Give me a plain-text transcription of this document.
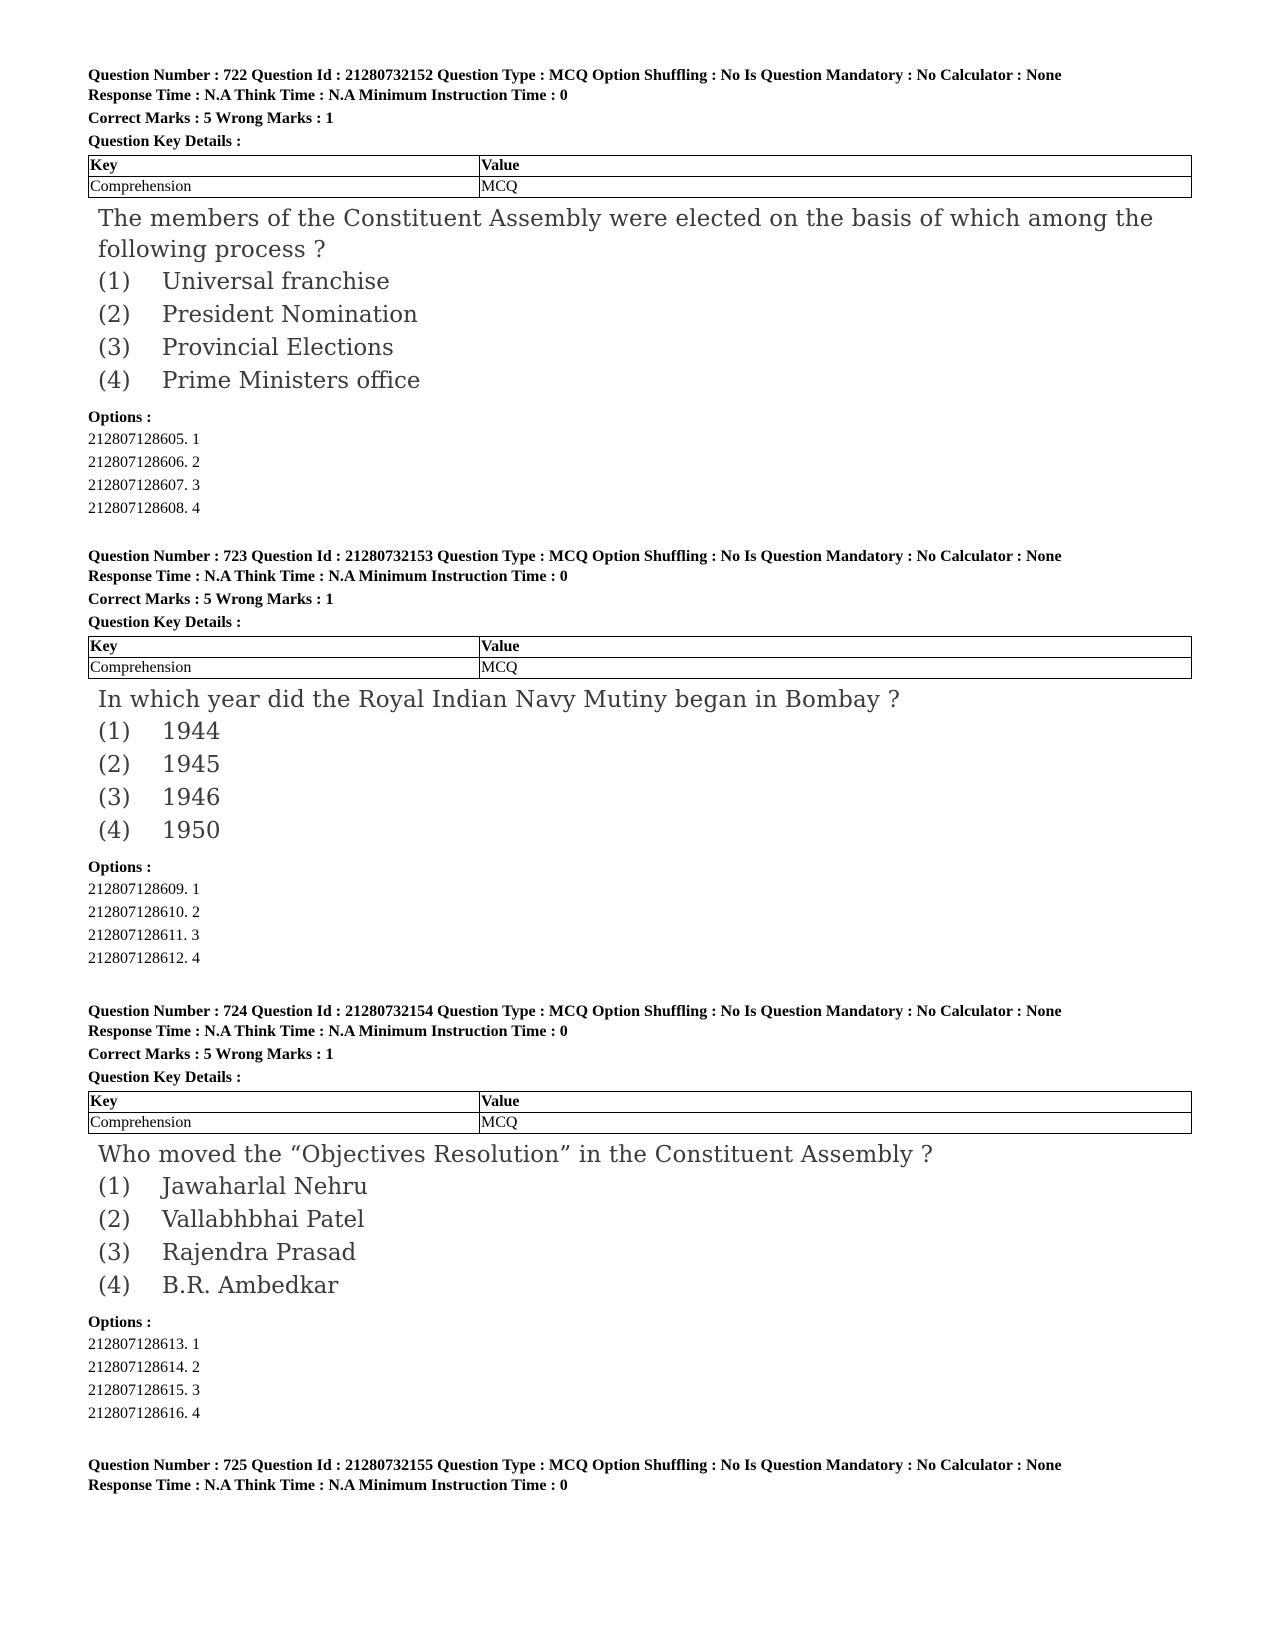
Question Number : 722 Question Id : 21280732152 Question Type : MCQ Option Shuffling : No Is Question Mandatory : No Calculator : None
Response Time : N.A Think Time : N.A Minimum Instruction Time : 0
Correct Marks : 5 Wrong Marks : 1
Question Key Details :
Key	Value
Comprehension	MCQ
The members of the Constituent Assembly were elected on the basis of which among the following process ?
(1)	Universal franchise
(2)	President Nomination
(3)	Provincial Elections
(4)	Prime Ministers office
Options :
212807128605. 1
212807128606. 2
212807128607. 3
212807128608. 4
Question Number : 723 Question Id : 21280732153 Question Type : MCQ Option Shuffling : No Is Question Mandatory : No Calculator : None
Response Time : N.A Think Time : N.A Minimum Instruction Time : 0
Correct Marks : 5 Wrong Marks : 1
Question Key Details :
Key	Value
Comprehension	MCQ
In which year did the Royal Indian Navy Mutiny began in Bombay ?
(1)	1944
(2)	1945
(3)	1946
(4)	1950
Options :
212807128609. 1
212807128610. 2
212807128611. 3
212807128612. 4
Question Number : 724 Question Id : 21280732154 Question Type : MCQ Option Shuffling : No Is Question Mandatory : No Calculator : None
Response Time : N.A Think Time : N.A Minimum Instruction Time : 0
Correct Marks : 5 Wrong Marks : 1
Question Key Details :
Key	Value
Comprehension	MCQ
Who moved the “Objectives Resolution” in the Constituent Assembly ?
(1)	Jawaharlal Nehru
(2)	Vallabhbhai Patel
(3)	Rajendra Prasad
(4)	B.R. Ambedkar
Options :
212807128613. 1
212807128614. 2
212807128615. 3
212807128616. 4
Question Number : 725 Question Id : 21280732155 Question Type : MCQ Option Shuffling : No Is Question Mandatory : No Calculator : None
Response Time : N.A Think Time : N.A Minimum Instruction Time : 0
